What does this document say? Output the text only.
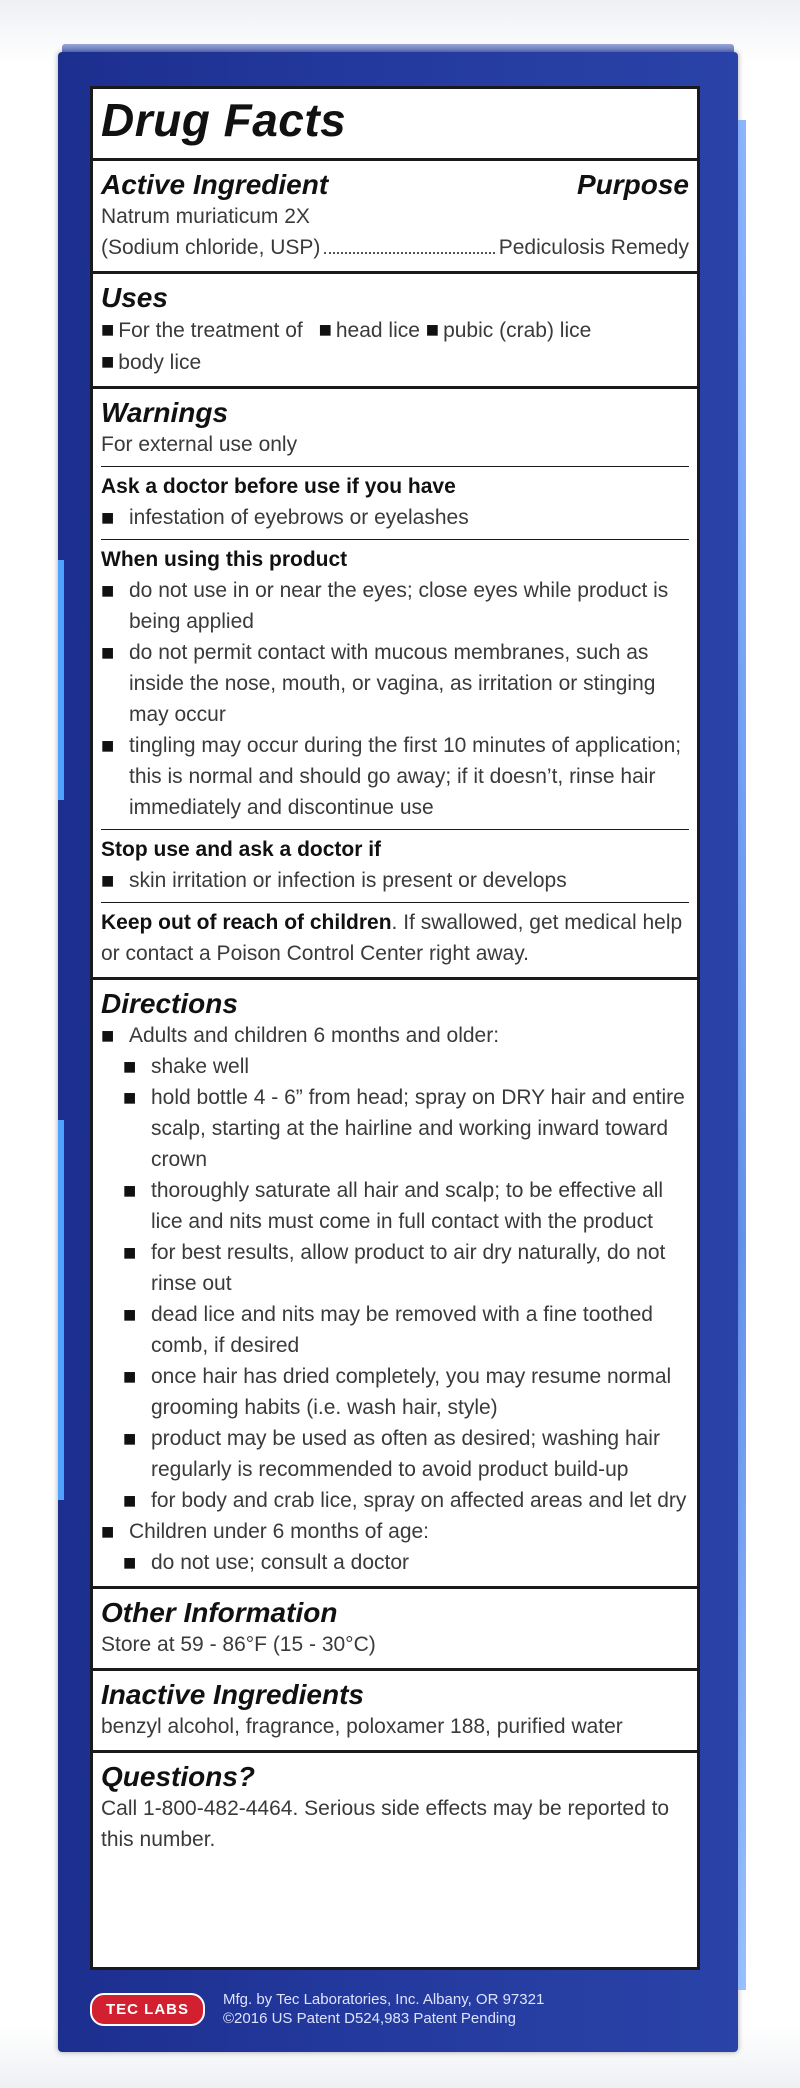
Drug Facts
Active Ingredient	Purpose
Natrum muriaticum 2X
(Sodium chloride, USP)	Pediculosis Remedy
Uses
■ For the treatment of ■ head lice ■ pubic (crab) lice
■ body lice
Warnings
For external use only
Ask a doctor before use if you have
■ infestation of eyebrows or eyelashes
When using this product
■ do not use in or near the eyes; close eyes while product is being applied
■ do not permit contact with mucous membranes, such as inside the nose, mouth, or vagina, as irritation or stinging may occur
■ tingling may occur during the first 10 minutes of application; this is normal and should go away; if it doesn’t, rinse hair immediately and discontinue use
Stop use and ask a doctor if
■ skin irritation or infection is present or develops
Keep out of reach of children. If swallowed, get medical help or contact a Poison Control Center right away.
Directions
■ Adults and children 6 months and older:
■ shake well
■ hold bottle 4 - 6” from head; spray on DRY hair and entire scalp, starting at the hairline and working inward toward crown
■ thoroughly saturate all hair and scalp; to be effective all lice and nits must come in full contact with the product
■ for best results, allow product to air dry naturally, do not rinse out
■ dead lice and nits may be removed with a fine toothed comb, if desired
■ once hair has dried completely, you may resume normal grooming habits (i.e. wash hair, style)
■ product may be used as often as desired; washing hair regularly is recommended to avoid product build-up
■ for body and crab lice, spray on affected areas and let dry
■ Children under 6 months of age:
■ do not use; consult a doctor
Other Information
Store at 59 - 86°F (15 - 30°C)
Inactive Ingredients
benzyl alcohol, fragrance, poloxamer 188, purified water
Questions?
Call 1-800-482-4464. Serious side effects may be reported to this number.
TEC LABS
Mfg. by Tec Laboratories, Inc. Albany, OR 97321
©2016 US Patent D524,983 Patent Pending
